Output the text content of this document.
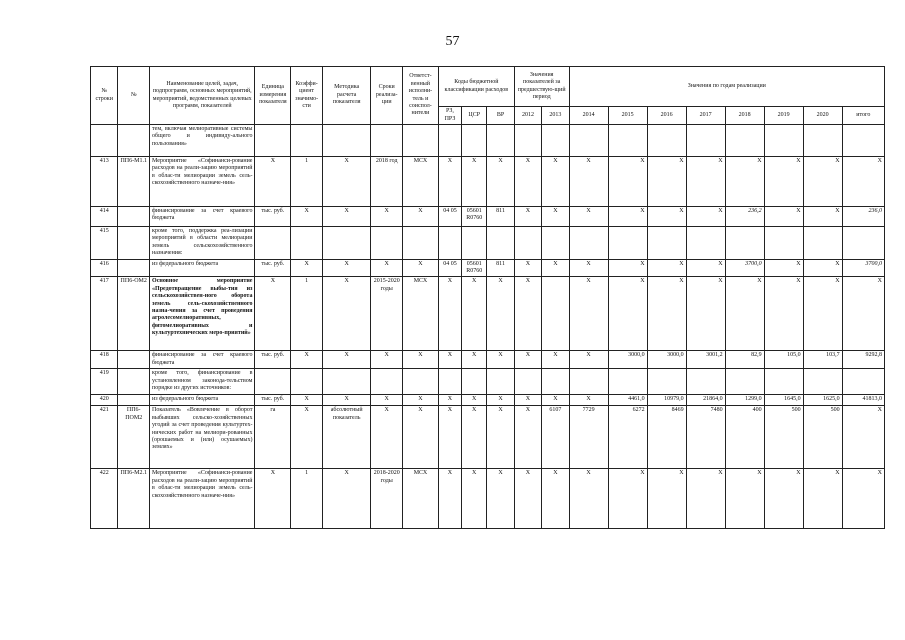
57
№ строки	№	Наименование целей, задач, подпрограмм, основных мероприятий, мероприятий, ведомственных целевых программ, показателей	Единица измерения показателя	Коэффи-циент значимо-сти	Методика расчета показателя	Сроки реализа-ции	Ответст-венный исполни-тель и соиспол-нители	Коды бюджетной классификации расходов			Значения показателей за предшествую-щий период		Значения по годам реализации							
								РЗ, ПРЗ	ЦСР	ВР	2012	2013	2014	2015	2016	2017	2018	2019	2020	итого
		тем, включая мелиоративные системы общего и индивиду-ального пользования»																		
413	ПП6-М1.1	Мероприятие «Софинанси-рование расходов на реали-зацию мероприятий в облас-ти мелиорации земель сель-скохозяйственного назначе-ния»	X	1	X	2018 год	МСХ	X	X	X	X	X	X	X	X	X	X	X	X	X
414		финансирование за счет краевого бюджета	тыс. руб.	X	X	X	X	04 05	05601 R0760	811	X	X	X	X	X	X	236,2	X	X	236,0
415		кроме того, поддержка реа-лизации мероприятий в области мелиорации земель сельскохозяйственного назначения:																		
416		из федерального бюджета	тыс. руб.	X	X	X	X	04 05	05601 R0760	811	X	X	X	X	X	X	3700,0	X	X	3700,0
417	ПП6-ОМ2	Основное мероприятие «Предотвращение выбы-тия из сельскохозяйствен-ного оборота земель сель-скохозяйственного назна-чения за счет проведения агролесомелиоративных, фитомелиоративных и культуртехнических меро-приятий»	X	1	X	2015-2020 годы	МСХ	X	X	X	X		X	X	X	X	X	X	X	X
418		финансирование за счет краевого бюджета	тыс. руб.	X	X	X	X	X	X	X	X	X	X	3000,0	3000,0	3001,2	82,9	105,0	103,7	9292,8
419		кроме того, финансирование в установленном законода-тельством порядке из других источников:																		
420		из федерального бюджета	тыс. руб.	X	X	X	X	X	X	X	X	X	X	4461,0	10979,0	21864,0	1299,0	1645,0	1625,0	41813,0
421	ПП6-ПОМ2	Показатель «Вовлечение в оборот выбывших сельско-хозяйственных угодий за счет проведения культуртех-нических работ на мелиори-рованных (орошаемых и (или) осушаемых) землях»	га	X	абсолютный показатель	X	X	X	X	X	X	6107	7729	6272	8469	7480	400	500	500	X
422	ПП6-М2.1	Мероприятие «Софинанси-рование расходов на реали-зацию мероприятий в облас-ти мелиорации земель сель-скохозяйственного назначе-ния»	X	1	X	2018-2020 годы	МСХ	X	X	X	X	X	X	X	X	X	X	X	X	X
